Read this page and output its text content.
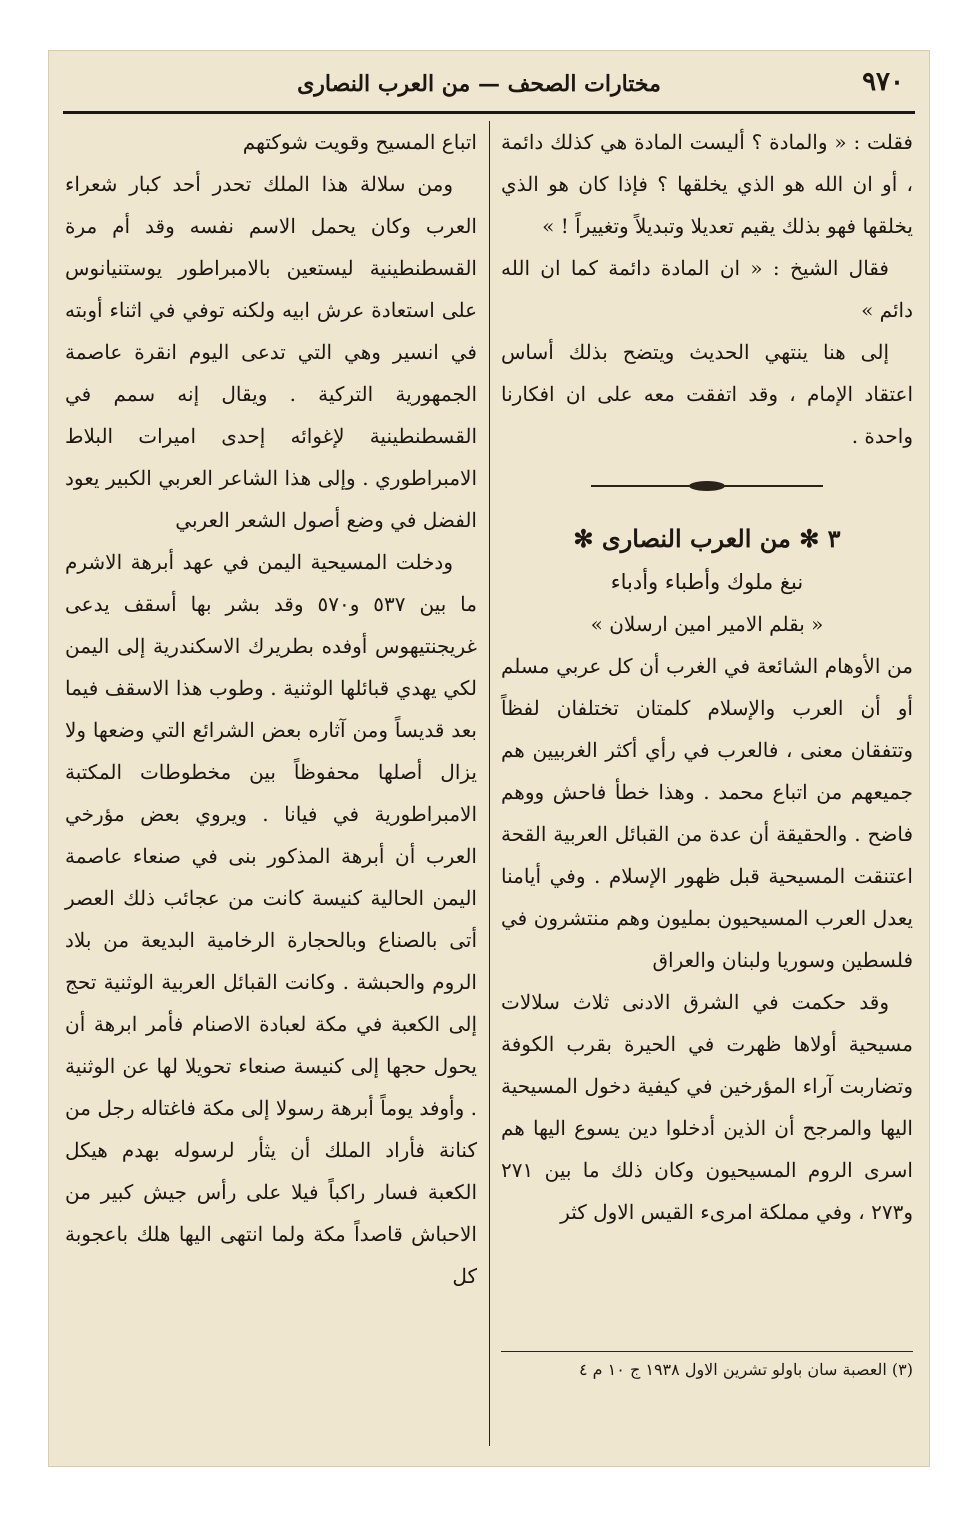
٩٧٠
مختارات الصحف — من العرب النصارى

فقلت : « والمادة ؟ أليست المادة هي كذلك دائمة ، أو ان الله هو الذي يخلقها ؟ فإذا كان هو الذي يخلقها فهو بذلك يقيم تعديلا وتبديلاً وتغييراً ! »

فقال الشيخ : « ان المادة دائمة كما ان الله دائم »

إلى هنا ينتهي الحديث ويتضح بذلك أساس اعتقاد الإمام ، وقد اتفقت معه على ان افكارنا واحدة .

٣ ✻ من العرب النصارى ✻
نبغ ملوك وأطباء وأدباء
« بقلم الامير امين ارسلان »

من الأوهام الشائعة في الغرب أن كل عربي مسلم أو أن العرب والإسلام كلمتان تختلفان لفظاً وتتفقان معنى ، فالعرب في رأي أكثر الغربيين هم جميعهم من اتباع محمد . وهذا خطأ فاحش ووهم فاضح . والحقيقة أن عدة من القبائل العربية القحة اعتنقت المسيحية قبل ظهور الإسلام . وفي أيامنا يعدل العرب المسيحيون بمليون وهم منتشرون في فلسطين وسوريا ولبنان والعراق

وقد حكمت في الشرق الادنى ثلاث سلالات مسيحية أولاها ظهرت في الحيرة بقرب الكوفة وتضاربت آراء المؤرخين في كيفية دخول المسيحية اليها والمرجح أن الذين أدخلوا دين يسوع اليها هم اسرى الروم المسيحيون وكان ذلك ما بين ٢٧١ و٢٧٣ ، وفي مملكة امرىء القيس الاول كثر

(٣) العصبة سان باولو تشرين الاول ١٩٣٨ ج ١٠ م ٤

اتباع المسيح وقويت شوكتهم

ومن سلالة هذا الملك تحدر أحد كبار شعراء العرب وكان يحمل الاسم نفسه وقد أم مرة القسطنطينية ليستعين بالامبراطور يوستنيانوس على استعادة عرش ابيه ولكنه توفي في اثناء أوبته في انسير وهي التي تدعى اليوم انقرة عاصمة الجمهورية التركية . ويقال إنه سمم في القسطنطينية لإغوائه إحدى اميرات البلاط الامبراطوري . وإلى هذا الشاعر العربي الكبير يعود الفضل في وضع أصول الشعر العربي

ودخلت المسيحية اليمن في عهد أبرهة الاشرم ما بين ٥٣٧ و٥٧٠ وقد بشر بها أسقف يدعى غريجنتيهوس أوفده بطريرك الاسكندرية إلى اليمن لكي يهدي قبائلها الوثنية . وطوب هذا الاسقف فيما بعد قديساً ومن آثاره بعض الشرائع التي وضعها ولا يزال أصلها محفوظاً بين مخطوطات المكتبة الامبراطورية في فيانا . ويروي بعض مؤرخي العرب أن أبرهة المذكور بنى في صنعاء عاصمة اليمن الحالية كنيسة كانت من عجائب ذلك العصر أتى بالصناع وبالحجارة الرخامية البديعة من بلاد الروم والحبشة . وكانت القبائل العربية الوثنية تحج إلى الكعبة في مكة لعبادة الاصنام فأمر ابرهة أن يحول حجها إلى كنيسة صنعاء تحويلا لها عن الوثنية . وأوفد يوماً أبرهة رسولا إلى مكة فاغتاله رجل من كنانة فأراد الملك أن يثأر لرسوله بهدم هيكل الكعبة فسار راكباً فيلا على رأس جيش كبير من الاحباش قاصداً مكة ولما انتهى اليها هلك باعجوبة كل
